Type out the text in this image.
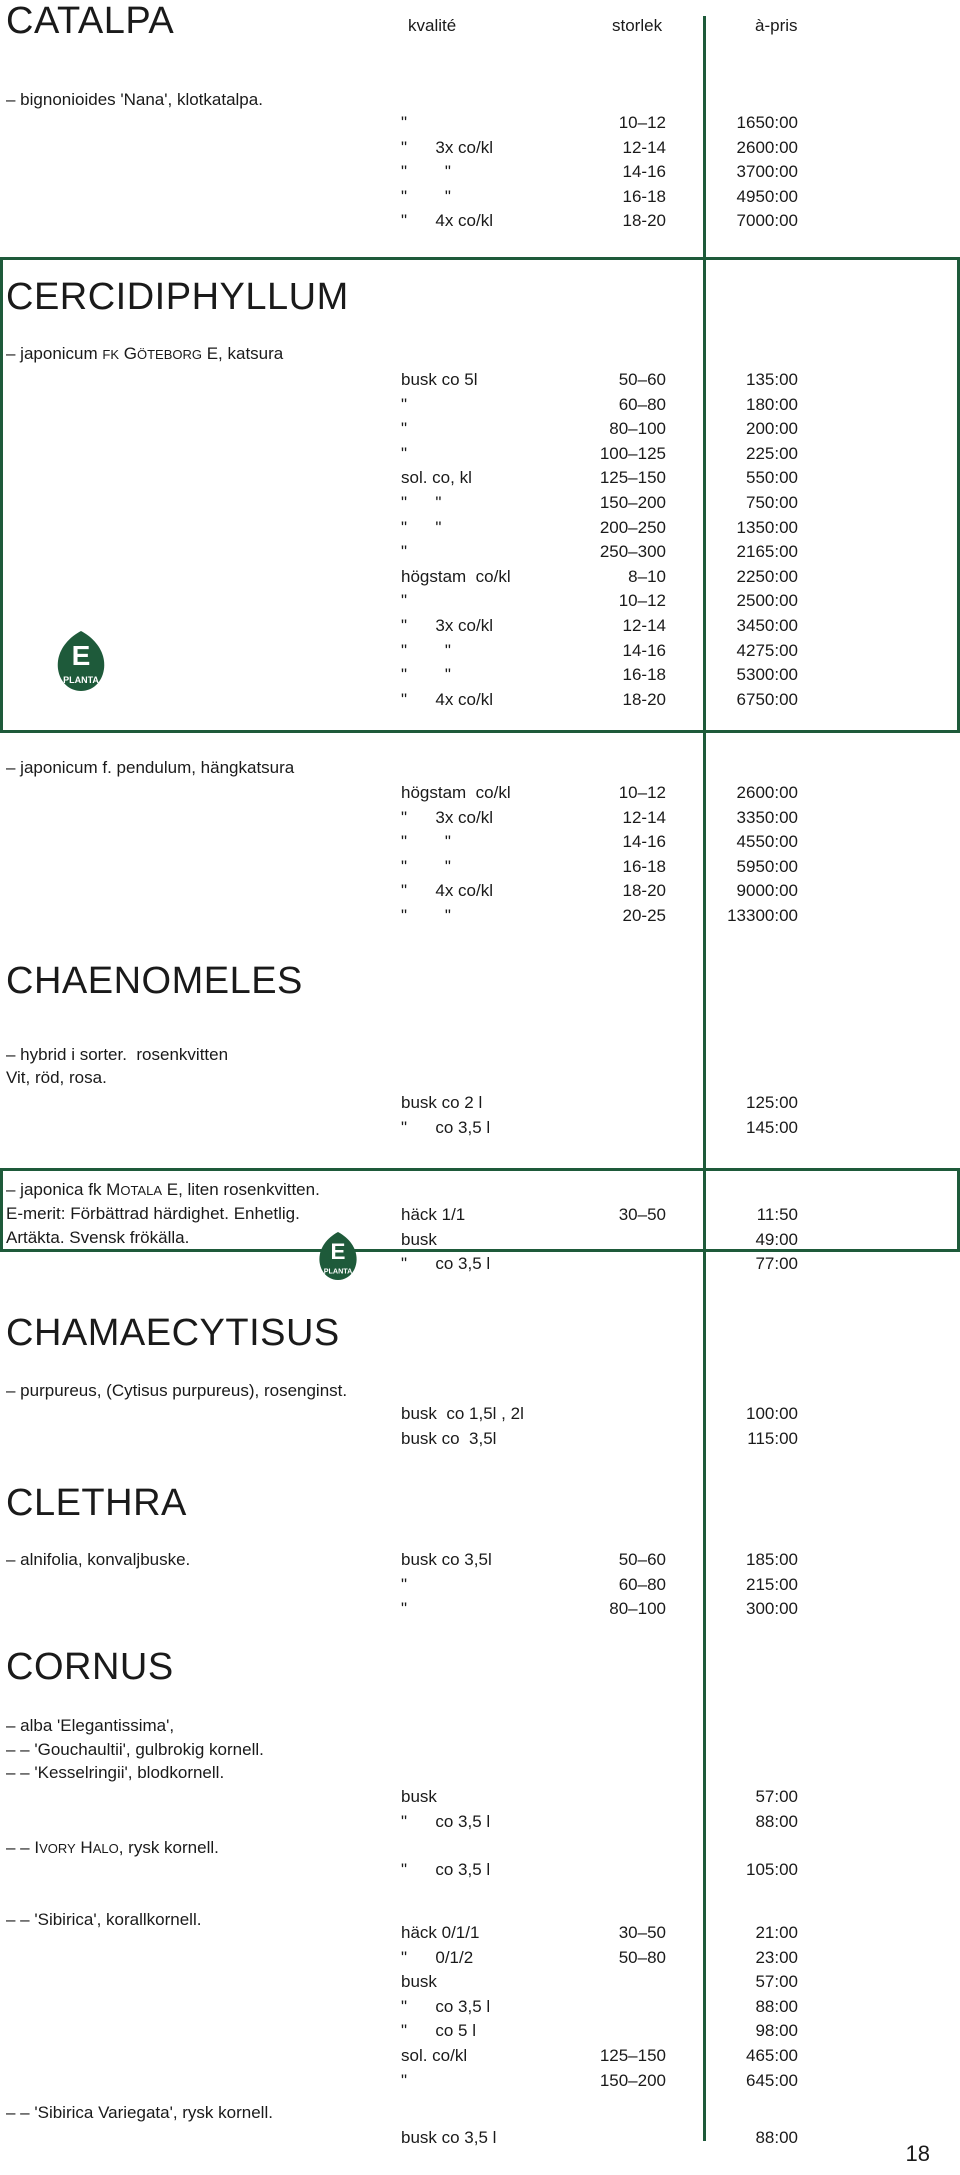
kvalité	storlek	à-pris
CATALPA
– bignonioides 'Nana', klotkatalpa.
"	10–12	1650:00
"      3x co/kl	12-14	2600:00
"        "	14-16	3700:00
"        "	16-18	4950:00
"      4x co/kl	18-20	7000:00
CERCIDIPHYLLUM
– japonicum FK GÖTEBORG E, katsura
busk co 5l	50–60	135:00
"	60–80	180:00
"	80–100	200:00
"	100–125	225:00
sol. co, kl	125–150	550:00
"      "	150–200	750:00
"      "	200–250	1350:00
"	250–300	2165:00
högstam  co/kl	8–10	2250:00
"	10–12	2500:00
"      3x co/kl	12-14	3450:00
"        "	14-16	4275:00
"        "	16-18	5300:00
"      4x co/kl	18-20	6750:00
E
PLANTA
– japonicum f. pendulum, hängkatsura
högstam  co/kl	10–12	2600:00
"      3x co/kl	12-14	3350:00
"        "	14-16	4550:00
"        "	16-18	5950:00
"      4x co/kl	18-20	9000:00
"        "	20-25	13300:00
CHAENOMELES
– hybrid i sorter.  rosenkvitten
Vit, röd, rosa.
busk co 2 l	125:00
"      co 3,5 l	145:00
– japonica fk MOTALA E, liten rosenkvitten.
E-merit: Förbättrad härdighet. Enhetlig.
Artäkta. Svensk frökälla.
häck 1/1	30–50	11:50
busk	49:00
"      co 3,5 l	77:00
E
PLANTA
CHAMAECYTISUS
– purpureus, (Cytisus purpureus), rosenginst.
busk  co 1,5l , 2l	100:00
busk co  3,5l	115:00
CLETHRA
– alnifolia, konvaljbuske.	busk co 3,5l	50–60	185:00
"	60–80	215:00
"	80–100	300:00
CORNUS
– alba 'Elegantissima',
– – 'Gouchaultii', gulbrokig kornell.
– – 'Kesselringii', blodkornell.
busk	57:00
"      co 3,5 l	88:00
– – IVORY HALO, rysk kornell.
"      co 3,5 l	105:00
– – 'Sibirica', korallkornell.
häck 0/1/1	30–50	21:00
"      0/1/2	50–80	23:00
busk	57:00
"      co 3,5 l	88:00
"      co 5 l	98:00
sol. co/kl	125–150	465:00
"	150–200	645:00
– – 'Sibirica Variegata', rysk kornell.
busk co 3,5 l	88:00
18
